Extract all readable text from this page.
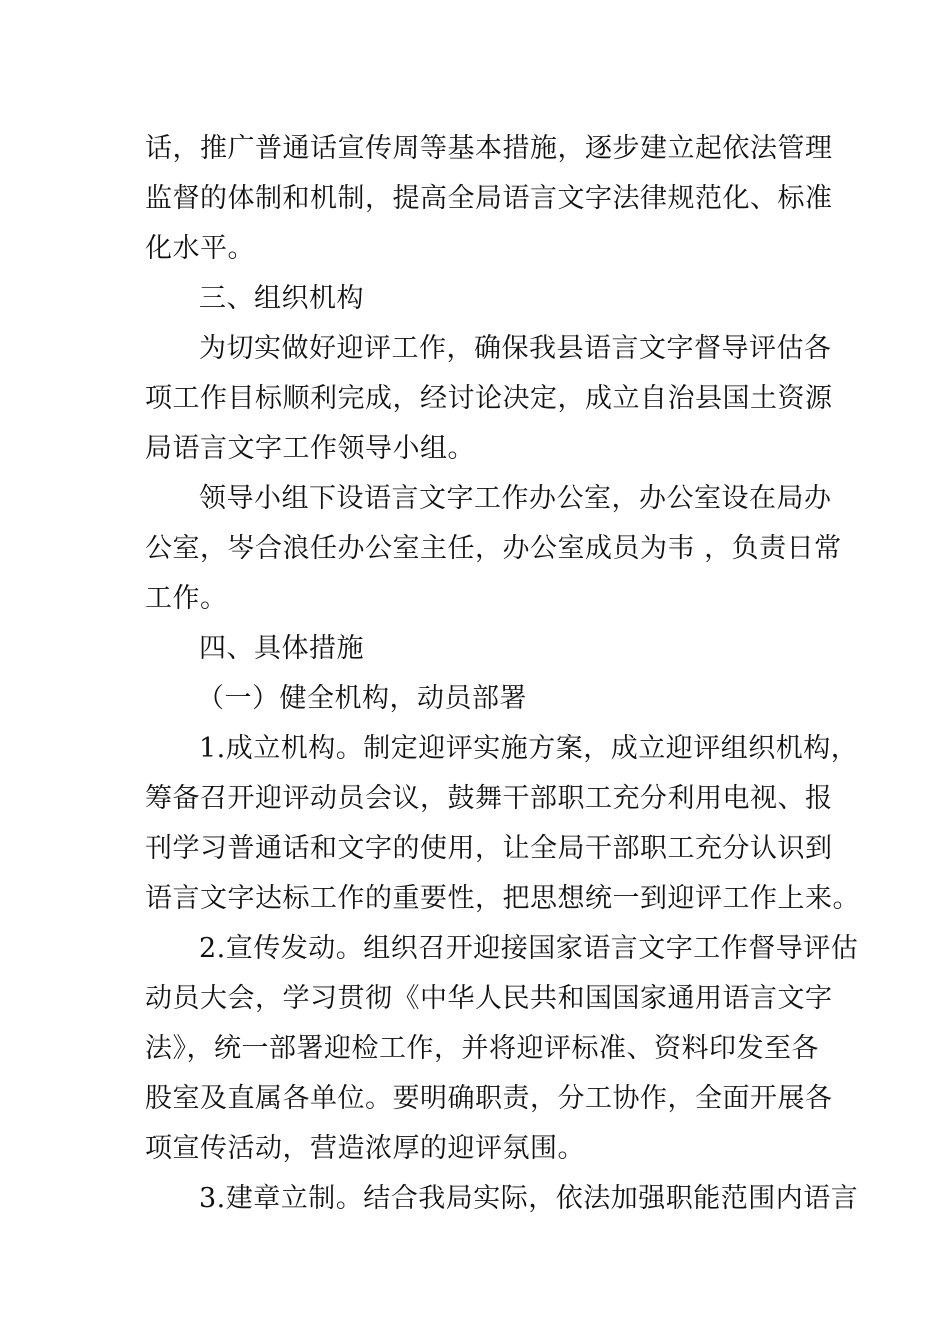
话，推广普通话宣传周等基本措施，逐步建立起依法管理
监督的体制和机制，提高全局语言文字法律规范化、标准
化水平。
三、组织机构
为切实做好迎评工作，确保我县语言文字督导评估各
项工作目标顺利完成，经讨论决定，成立自治县国土资源
局语言文字工作领导小组。
领导小组下设语言文字工作办公室，办公室设在局办
公室，岑合浪任办公室主任，办公室成员为韦 ，负责日常
工作。
四、具体措施
（一）健全机构，动员部署
1.成立机构。制定迎评实施方案，成立迎评组织机构，
筹备召开迎评动员会议，鼓舞干部职工充分利用电视、报
刊学习普通话和文字的使用，让全局干部职工充分认识到
语言文字达标工作的重要性，把思想统一到迎评工作上来。
2.宣传发动。组织召开迎接国家语言文字工作督导评估
动员大会，学习贯彻《中华人民共和国国家通用语言文字
法》，统一部署迎检工作，并将迎评标准、资料印发至各
股室及直属各单位。要明确职责，分工协作，全面开展各
项宣传活动，营造浓厚的迎评氛围。
3.建章立制。结合我局实际，依法加强职能范围内语言
